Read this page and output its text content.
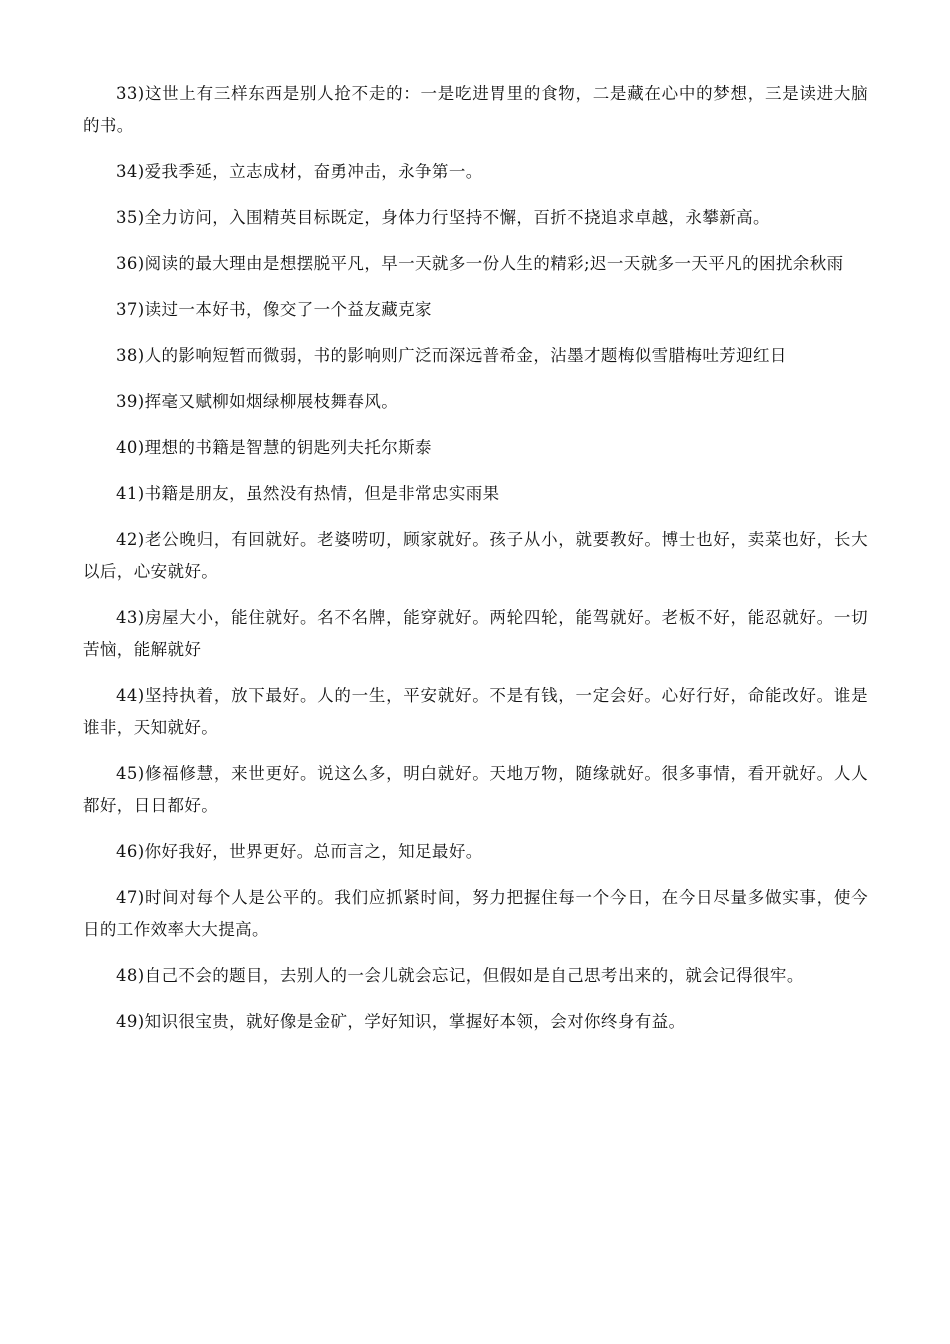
33)这世上有三样东西是别人抢不走的：一是吃进胃里的食物，二是藏在心中的梦想，三是读进大脑的书。

34)爱我季延，立志成材，奋勇冲击，永争第一。

35)全力访问，入围精英目标既定，身体力行坚持不懈，百折不挠追求卓越，永攀新高。

36)阅读的最大理由是想摆脱平凡，早一天就多一份人生的精彩;迟一天就多一天平凡的困扰余秋雨

37)读过一本好书，像交了一个益友藏克家

38)人的影响短暂而微弱，书的影响则广泛而深远普希金，沾墨才题梅似雪腊梅吐芳迎红日

39)挥毫又赋柳如烟绿柳展枝舞春风。

40)理想的书籍是智慧的钥匙列夫托尔斯泰

41)书籍是朋友，虽然没有热情，但是非常忠实雨果

42)老公晚归，有回就好。老婆唠叨，顾家就好。孩子从小，就要教好。博士也好，卖菜也好，长大以后，心安就好。

43)房屋大小，能住就好。名不名牌，能穿就好。两轮四轮，能驾就好。老板不好，能忍就好。一切苦恼，能解就好

44)坚持执着，放下最好。人的一生，平安就好。不是有钱，一定会好。心好行好，命能改好。谁是谁非，天知就好。

45)修福修慧，来世更好。说这么多，明白就好。天地万物，随缘就好。很多事情，看开就好。人人都好，日日都好。

46)你好我好，世界更好。总而言之，知足最好。

47)时间对每个人是公平的。我们应抓紧时间，努力把握住每一个今日，在今日尽量多做实事，使今日的工作效率大大提高。

48)自己不会的题目，去别人的一会儿就会忘记，但假如是自己思考出来的，就会记得很牢。

49)知识很宝贵，就好像是金矿，学好知识，掌握好本领，会对你终身有益。
